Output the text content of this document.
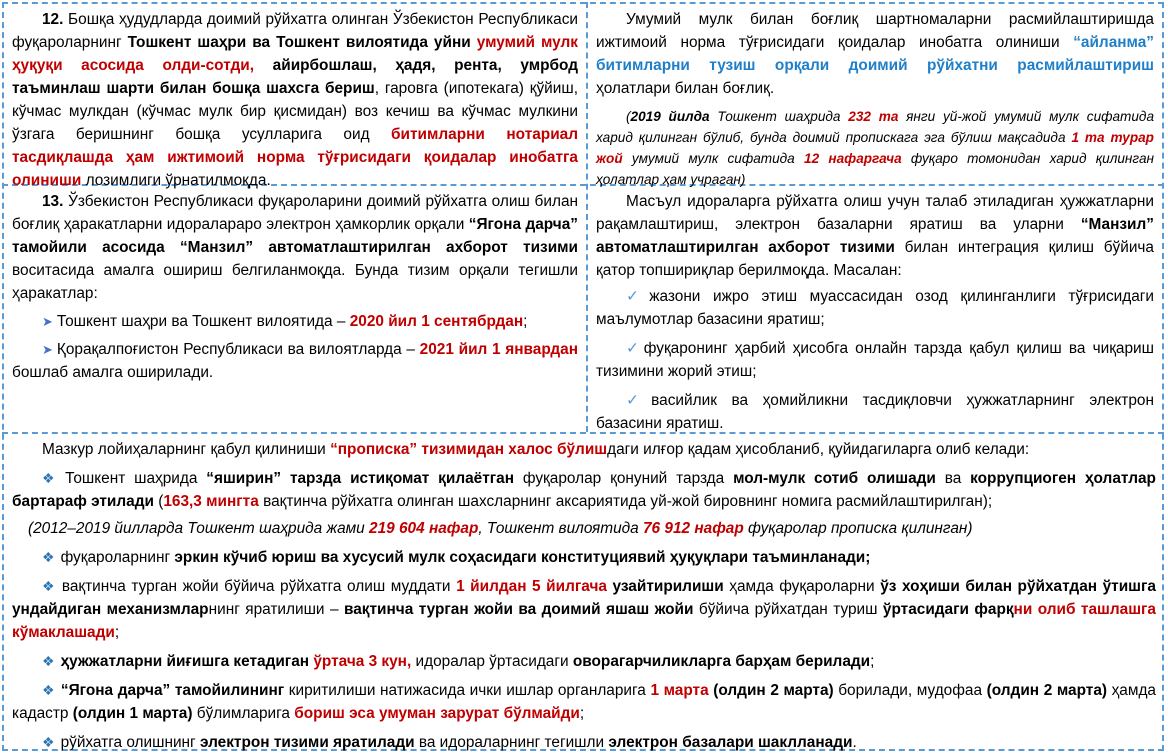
12. Бошқа ҳудудларда доимий рўйхатга олинган Ўзбекистон Республикаси фуқароларнинг Тошкент шаҳри ва Тошкент вилоятида уйни умумий мулк ҳуқуқи асосида олди-сотди, айирбошлаш, ҳадя, рента, умрбод таъминлаш шарти билан бошқа шахсга бериш, гаровга (ипотекага) қўйиш, кўчмас мулкдан (кўчмас мулк бир қисмидан) воз кечиш ва кўчмас мулкини ўзгага беришнинг бошқа усулларига оид битимларни нотариал тасдиқлашда ҳам ижтимоий норма тўғрисидаги қоидалар инобатга олиниши лозимлиги ўрнатилмоқда.

Умумий мулк билан боғлиқ шартномаларни расмийлаштиришда ижтимоий норма тўғрисидаги қоидалар инобатга олиниши “айланма” битимларни тузиш орқали доимий рўйхатни расмийлаштириш ҳолатлари билан боғлиқ.

(2019 йилда Тошкент шаҳрида 232 та янги уй-жой умумий мулк сифатида харид қилинган бўлиб, бунда доимий пропискага эга бўлиш мақсадида 1 та турар жой умумий мулк сифатида 12 нафаргача фуқаро томонидан харид қилинган ҳолатлар ҳам учраган)

13. Ўзбекистон Республикаси фуқароларини доимий рўйхатга олиш билан боғлиқ ҳаракатларни идоралараро электрон ҳамкорлик орқали “Ягона дарча” тамойили асосида “Манзил” автоматлаштирилган ахборот тизими воситасида амалга ошириш белгиланмоқда. Бунда тизим орқали тегишли ҳаракатлар:

➤ Тошкент шаҳри ва Тошкент вилоятида – 2020 йил 1 сентябрдан;

➤ Қорақалпоғистон Республикаси ва вилоятларда – 2021 йил 1 январдан бошлаб амалга оширилади.

Масъул идораларга рўйхатга олиш учун талаб этиладиган ҳужжатларни рақамлаштириш, электрон базаларни яратиш ва уларни “Манзил” автоматлаштирилган ахборот тизими билан интеграция қилиш бўйича қатор топшириқлар берилмоқда. Масалан:

✓ жазони ижро этиш муассасидан озод қилинганлиги тўғрисидаги маълумотлар базасини яратиш;

✓ фуқаронинг ҳарбий ҳисобга онлайн тарзда қабул қилиш ва чиқариш тизимини жорий этиш;

✓ васийлик ва ҳомийликни тасдиқловчи ҳужжатларнинг электрон базасини яратиш.

Мазкур лойиҳаларнинг қабул қилиниши “прописка” тизимидан халос бўлишдаги илғор қадам ҳисобланиб, қуйидагиларга олиб келади:

❖ Тошкент шаҳрида “яширин” тарзда истиқомат қилаётган фуқаролар қонуний тарзда мол-мулк сотиб олишади ва коррупциоген ҳолатлар бартараф этилади (163,3 мингта вақтинча рўйхатга олинган шахсларнинг аксариятида уй-жой бировнинг номига расмийлаштирилган);

(2012–2019 йилларда Тошкент шаҳрида жами 219 604 нафар, Тошкент вилоятида 76 912 нафар фуқаролар прописка қилинган)

❖ фуқароларнинг эркин кўчиб юриш ва хусусий мулк соҳасидаги конституциявий ҳуқуқлари таъминланади;

❖ вақтинча турган жойи бўйича рўйхатга олиш муддати 1 йилдан 5 йилгача узайтирилиши ҳамда фуқароларни ўз хоҳиши билан рўйхатдан ўтишга ундайдиган механизмларнинг яратилиши – вақтинча турган жойи ва доимий яшаш жойи бўйича рўйхатдан туриш ўртасидаги фарқни олиб ташлашга кўмаклашади;

❖ ҳужжатларни йиғишга кетадиган ўртача 3 кун, идоралар ўртасидаги оворагарчиликларга барҳам берилади;

❖ “Ягона дарча” тамойилининг киритилиши натижасида ички ишлар органларига 1 марта (олдин 2 марта) борилади, мудофаа (олдин 2 марта) ҳамда кадастр (олдин 1 марта) бўлимларига бориш эса умуман зарурат бўлмайди;

❖ рўйхатга олишнинг электрон тизими яратилади ва идораларнинг тегишли электрон базалари шаклланади.
